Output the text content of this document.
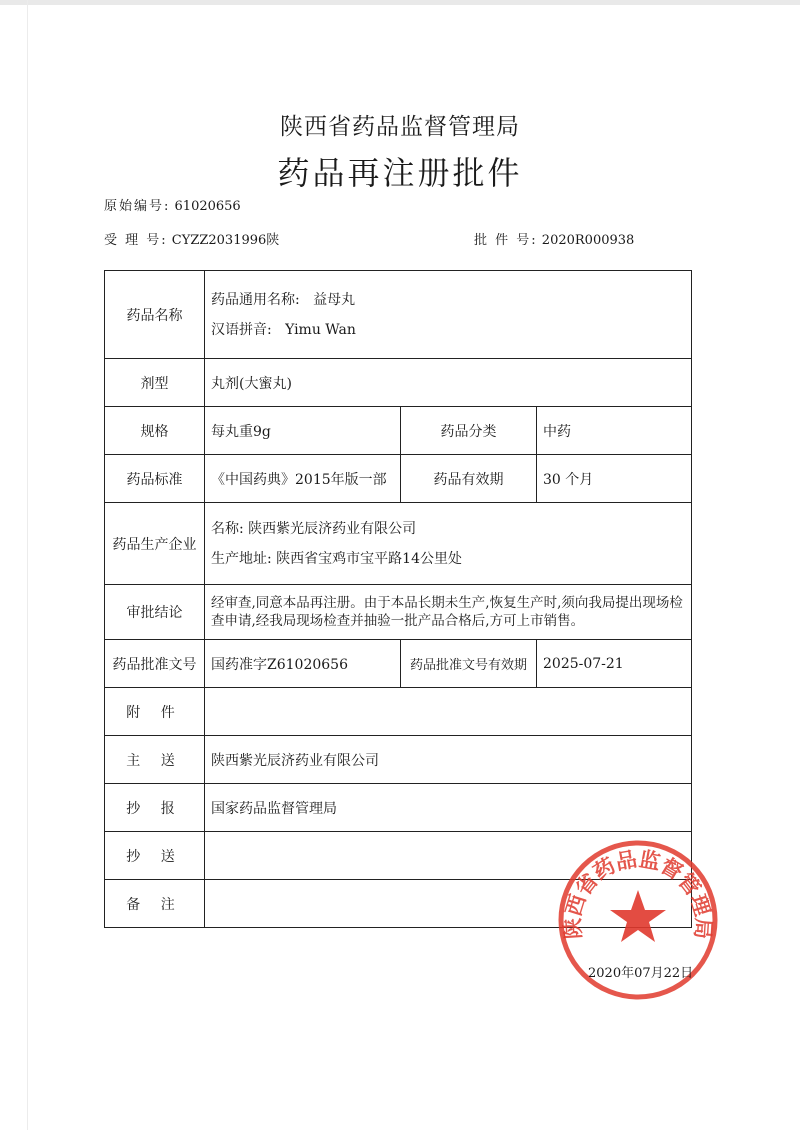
陕西省药品监督管理局
药品再注册批件
原始编号: 61020656
受 理 号: CYZZ2031996陕	批 件 号: 2020R000938
药品名称	药品通用名称: 益母丸
汉语拼音: Yimu Wan		

剂型	丸剂(大蜜丸)		
规格	每丸重9g	药品分类	中药
药品标准	《中国药典》2015年版一部	药品有效期	30 个月
药品生产企业	名称: 陕西紫光辰济药业有限公司
生产地址: 陕西省宝鸡市宝平路14公里处		

审批结论	经审查,同意本品再注册。由于本品长期未生产,恢复生产时,须向我局提出现场检查申请,经我局现场检查并抽验一批产品合格后,方可上市销售。		
药品批准文号	国药准字Z61020656	药品批准文号有效期	2025-07-21
附 件			
主 送	陕西紫光辰济药业有限公司		
抄 报	国家药品监督管理局		
抄 送			
备 注			
陕西省药品监督管理局
2020年07月22日
